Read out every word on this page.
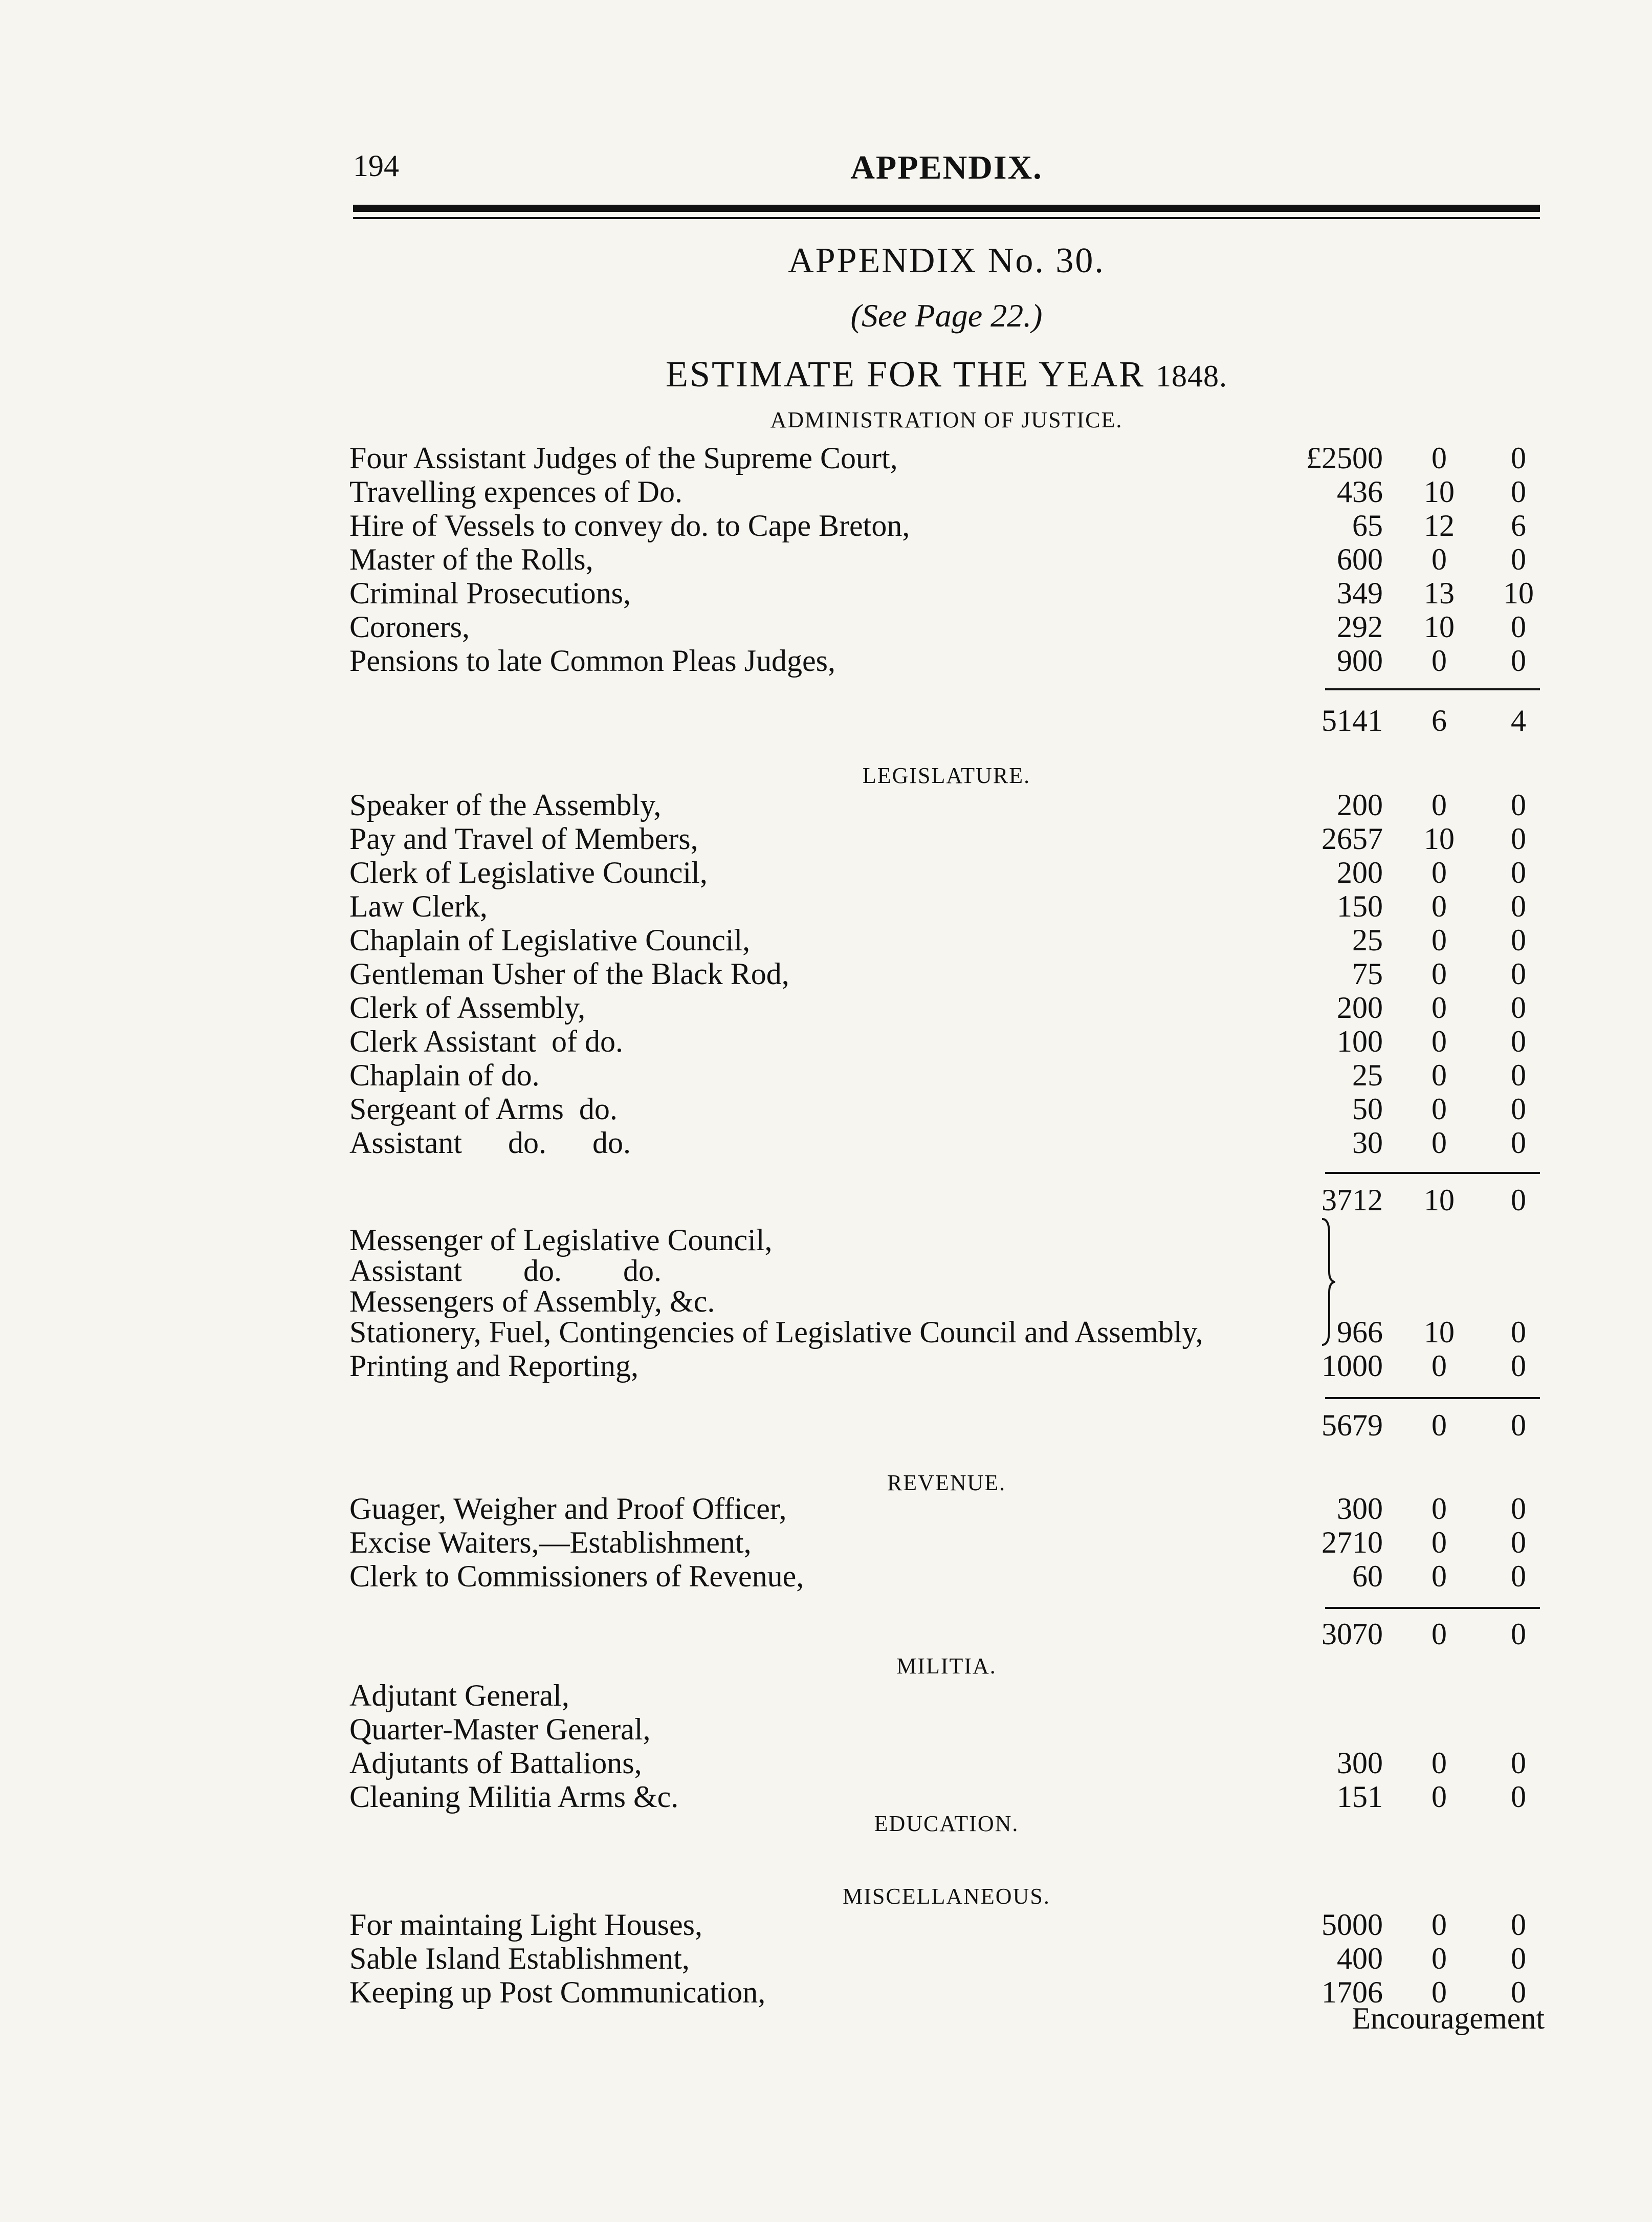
194	APPENDIX.
APPENDIX No. 30.
(See Page 22.)
ESTIMATE FOR THE YEAR 1848.
ADMINISTRATION OF JUSTICE.
Four Assistant Judges of the Supreme Court,	£2500	0	0
Travelling expences of Do.	436	10	0
Hire of Vessels to convey do. to Cape Breton,	65	12	6
Master of the Rolls,	600	0	0
Criminal Prosecutions,	349	13	10
Coroners,	292	10	0
Pensions to late Common Pleas Judges,	900	0	0
5141	6	4
LEGISLATURE.
Speaker of the Assembly,	200	0	0
Pay and Travel of Members,	2657	10	0
Clerk of Legislative Council,	200	0	0
Law Clerk,	150	0	0
Chaplain of Legislative Council,	25	0	0
Gentleman Usher of the Black Rod,	75	0	0
Clerk of Assembly,	200	0	0
Clerk Assistant  of do.	100	0	0
Chaplain of do.	25	0	0
Sergeant of Arms  do.	50	0	0
Assistant      do.      do.	30	0	0
3712	10	0
Messenger of Legislative Council,
Assistant        do.        do.
Messengers of Assembly, &c.
Stationery, Fuel, Contingencies of Legislative Council and Assembly,	966	10	0
Printing and Reporting,	1000	0	0
5679	0	0
REVENUE.
Guager, Weigher and Proof Officer,	300	0	0
Excise Waiters,—Establishment,	2710	0	0
Clerk to Commissioners of Revenue,	60	0	0
3070	0	0
MILITIA.
Adjutant General,
Quarter-Master General,
Adjutants of Battalions,	300	0	0
Cleaning Militia Arms &c.	151	0	0
EDUCATION.
MISCELLANEOUS.
For maintaing Light Houses,	5000	0	0
Sable Island Establishment,	400	0	0
Keeping up Post Communication,	1706	0	0
Encouragement
